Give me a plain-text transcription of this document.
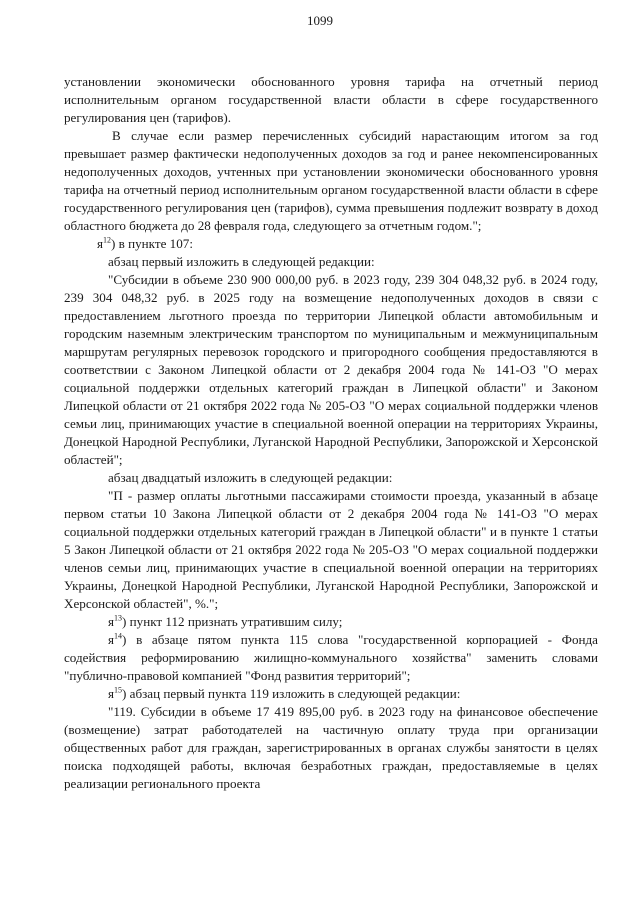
1099

установлении экономически обоснованного уровня тарифа на отчетный период исполнительным органом государственной власти области в сфере государственного регулирования цен (тарифов).

В случае если размер перечисленных субсидий нарастающим итогом за год превышает размер фактически недополученных доходов за год и ранее некомпенсированных недополученных доходов, учтенных при установлении экономически обоснованного уровня тарифа на отчетный период исполнительным органом государственной власти области в сфере государственного регулирования цен (тарифов), сумма превышения подлежит возврату в доход областного бюджета до 28 февраля года, следующего за отчетным годом.";

$я^{12}$) в пункте 107:

абзац первый изложить в следующей редакции:

"Субсидии в объеме 230 900 000,00 руб. в 2023 году, 239 304 048,32 руб. в 2024 году, 239 304 048,32 руб. в 2025 году на возмещение недополученных доходов в связи с предоставлением льготного проезда по территории Липецкой области автомобильным и городским наземным электрическим транспортом по муниципальным и межмуниципальным маршрутам регулярных перевозок городского и пригородного сообщения предоставляются в соответствии с Законом Липецкой области от 2 декабря 2004 года № 141-ОЗ "О мерах социальной поддержки отдельных категорий граждан в Липецкой области" и Законом Липецкой области от 21 октября 2022 года № 205-ОЗ "О мерах социальной поддержки членов семьи лиц, принимающих участие в специальной военной операции на территориях Украины, Донецкой Народной Республики, Луганской Народной Республики, Запорожской и Херсонской областей";

абзац двадцатый изложить в следующей редакции:

"П - размер оплаты льготными пассажирами стоимости проезда, указанный в абзаце первом статьи 10 Закона Липецкой области от 2 декабря 2004 года № 141-ОЗ "О мерах социальной поддержки отдельных категорий граждан в Липецкой области" и в пункте 1 статьи 5 Закон Липецкой области от 21 октября 2022 года № 205-ОЗ "О мерах социальной поддержки членов семьи лиц, принимающих участие в специальной военной операции на территориях Украины, Донецкой Народной Республики, Луганской Народной Республики, Запорожской и Херсонской областей", %.";

$я^{13}$) пункт 112 признать утратившим силу;

$я^{14}$) в абзаце пятом пункта 115 слова "государственной корпорацией - Фонда содействия реформированию жилищно-коммунального хозяйства" заменить словами "публично-правовой компанией "Фонд развития территорий";

$я^{15}$) абзац первый пункта 119 изложить в следующей редакции:

"119. Субсидии в объеме 17 419 895,00 руб. в 2023 году на финансовое обеспечение (возмещение) затрат работодателей на частичную оплату труда при организации общественных работ для граждан, зарегистрированных в органах службы занятости в целях поиска подходящей работы, включая безработных граждан, предоставляемые в целях реализации регионального проекта
